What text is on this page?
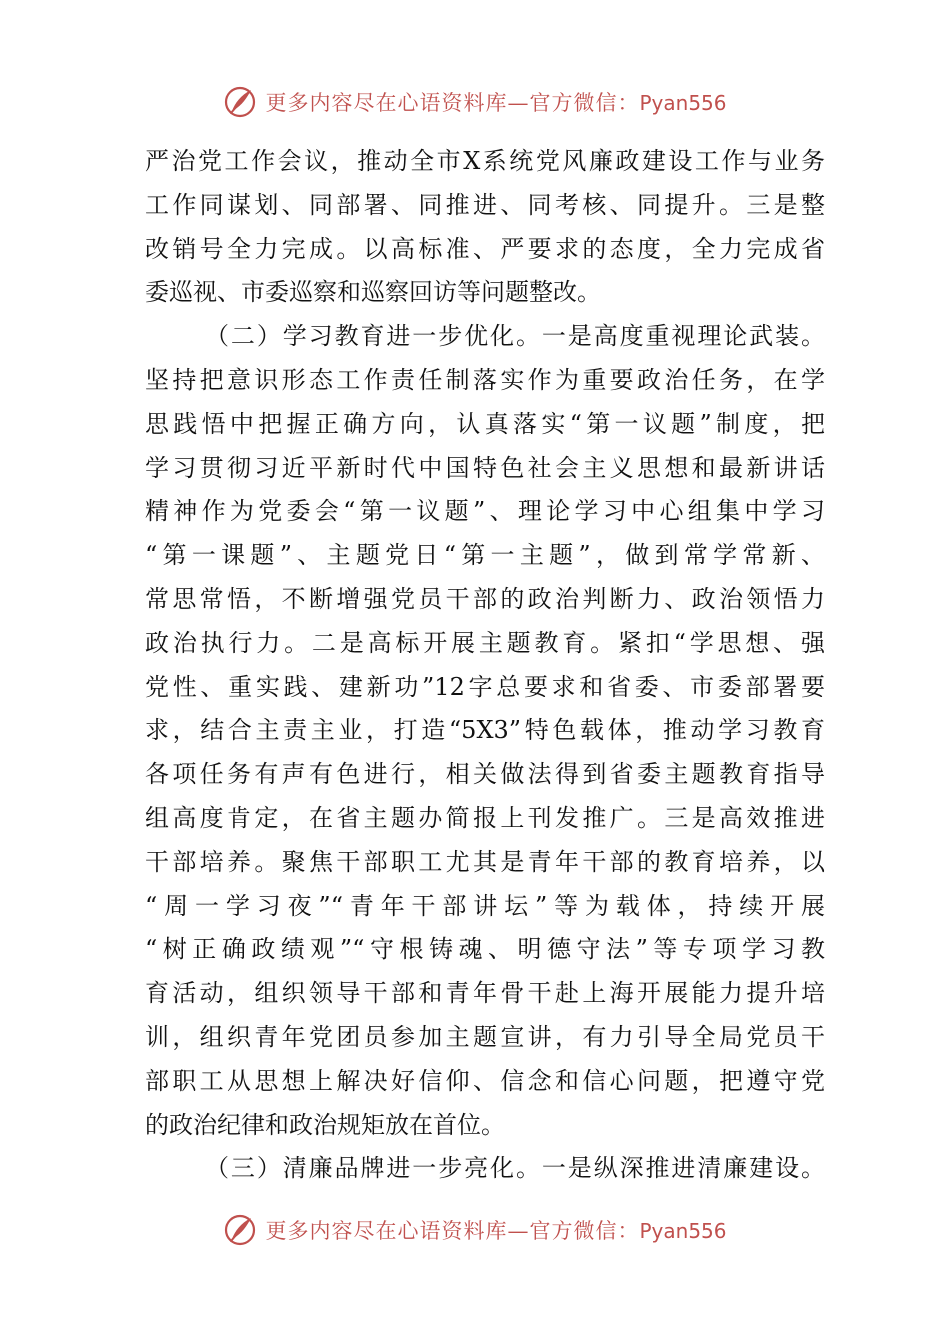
更多内容尽在心语资料库—官方微信：Pyan556
严治党工作会议，推动全市X系统党风廉政建设工作与业务
工作同谋划、同部署、同推进、同考核、同提升。三是整
改销号全力完成。以高标准、严要求的态度，全力完成省
委巡视、市委巡察和巡察回访等问题整改。
（二）学习教育进一步优化。一是高度重视理论武装。
坚持把意识形态工作责任制落实作为重要政治任务，在学
思践悟中把握正确方向，认真落实“第一议题”制度，把
学习贯彻习近平新时代中国特色社会主义思想和最新讲话
精神作为党委会“第一议题”、理论学习中心组集中学习
“第一课题”、主题党日“第一主题”，做到常学常新、
常思常悟，不断增强党员干部的政治判断力、政治领悟力
政治执行力。二是高标开展主题教育。紧扣“学思想、强
党性、重实践、建新功”12字总要求和省委、市委部署要
求，结合主责主业，打造“5X3”特色载体，推动学习教育
各项任务有声有色进行，相关做法得到省委主题教育指导
组高度肯定，在省主题办简报上刊发推广。三是高效推进
干部培养。聚焦干部职工尤其是青年干部的教育培养，以
“周一学习夜”“青年干部讲坛”等为载体，持续开展
“树正确政绩观”“守根铸魂、明德守法”等专项学习教
育活动，组织领导干部和青年骨干赴上海开展能力提升培
训，组织青年党团员参加主题宣讲，有力引导全局党员干
部职工从思想上解决好信仰、信念和信心问题，把遵守党
的政治纪律和政治规矩放在首位。
（三）清廉品牌进一步亮化。一是纵深推进清廉建设。
更多内容尽在心语资料库—官方微信：Pyan556
